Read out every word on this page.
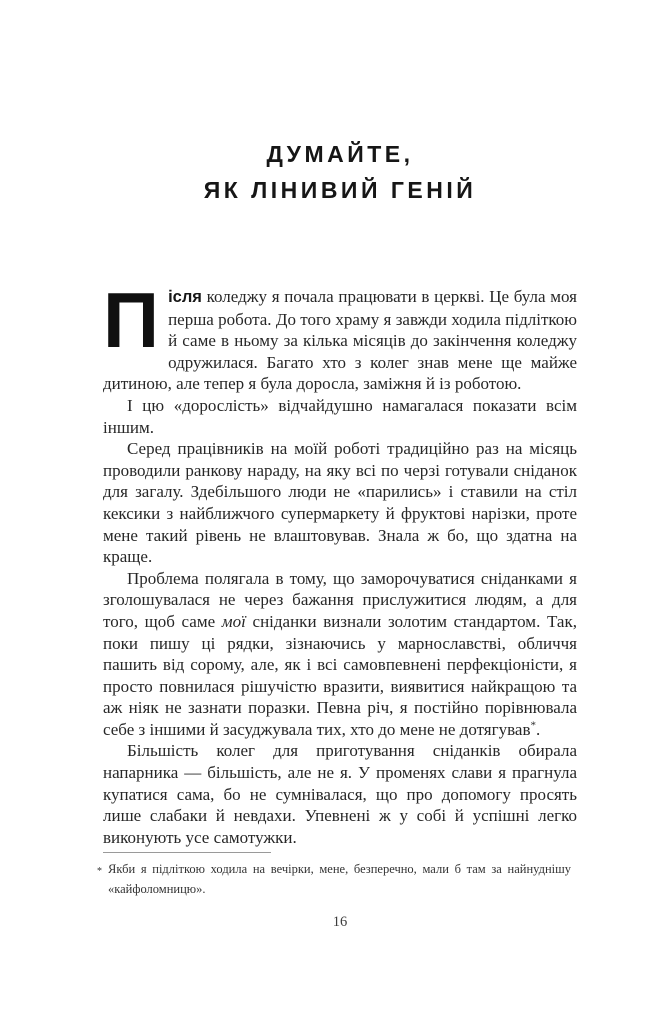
ДУМАЙТЕ,
ЯК ЛІНИВИЙ ГЕНІЙ

Після коледжу я почала працювати в церкві. Це була моя перша робота. До того храму я завжди ходила підліткою й саме в ньому за кілька місяців до закінчення коледжу одружилася. Багато хто з колег знав мене ще майже дитиною, але тепер я була доросла, заміжня й із роботою.

І цю «дорослість» відчайдушно намагалася показати всім іншим.

Серед працівників на моїй роботі традиційно раз на місяць проводили ранкову нараду, на яку всі по черзі готували сніданок для загалу. Здебільшого люди не «парились» і ставили на стіл кексики з найближчого супермаркету й фруктові нарізки, проте мене такий рівень не влаштовував. Знала ж бо, що здатна на краще.

Проблема полягала в тому, що заморочуватися сніданками я зголошувалася не через бажання прислужитися людям, а для того, щоб саме мої сніданки визнали золотим стандартом. Так, поки пишу ці рядки, зізнаючись у марнославстві, обличчя пашить від сорому, але, як і всі самовпевнені перфекціоністи, я просто повнилася рішучістю вразити, виявитися найкращою та аж ніяк не зазнати поразки. Певна річ, я постійно порівнювала себе з іншими й засуджувала тих, хто до мене не дотягував*.

Більшість колег для приготування сніданків обирала напарника — більшість, але не я. У променях слави я прагнула купатися сама, бо не сумнівалася, що про допомогу просять лише слабаки й невдахи. Упевнені ж у собі й успішні легко виконують усе самотужки.

* Якби я підліткою ходила на вечірки, мене, безперечно, мали б там за найнуднішу «кайфоломницю».
16
